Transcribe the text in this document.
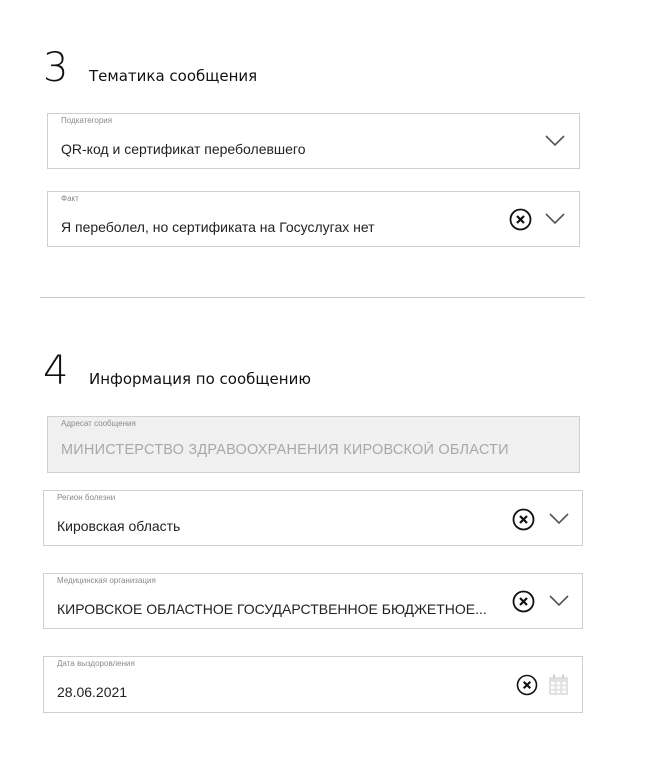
3 Тематика сообщения
Подкатегория
QR-код и сертификат переболевшего
Факт
Я переболел, но сертификата на Госуслугах нет
4 Информация по сообщению
Адресат сообщения
МИНИСТЕРСТВО ЗДРАВООХРАНЕНИЯ КИРОВСКОЙ ОБЛАСТИ
Регион болезни
Кировская область
Медицинская организация
КИРОВСКОЕ ОБЛАСТНОЕ ГОСУДАРСТВЕННОЕ БЮДЖЕТНОЕ...
Дата выздоровления
28.06.2021
